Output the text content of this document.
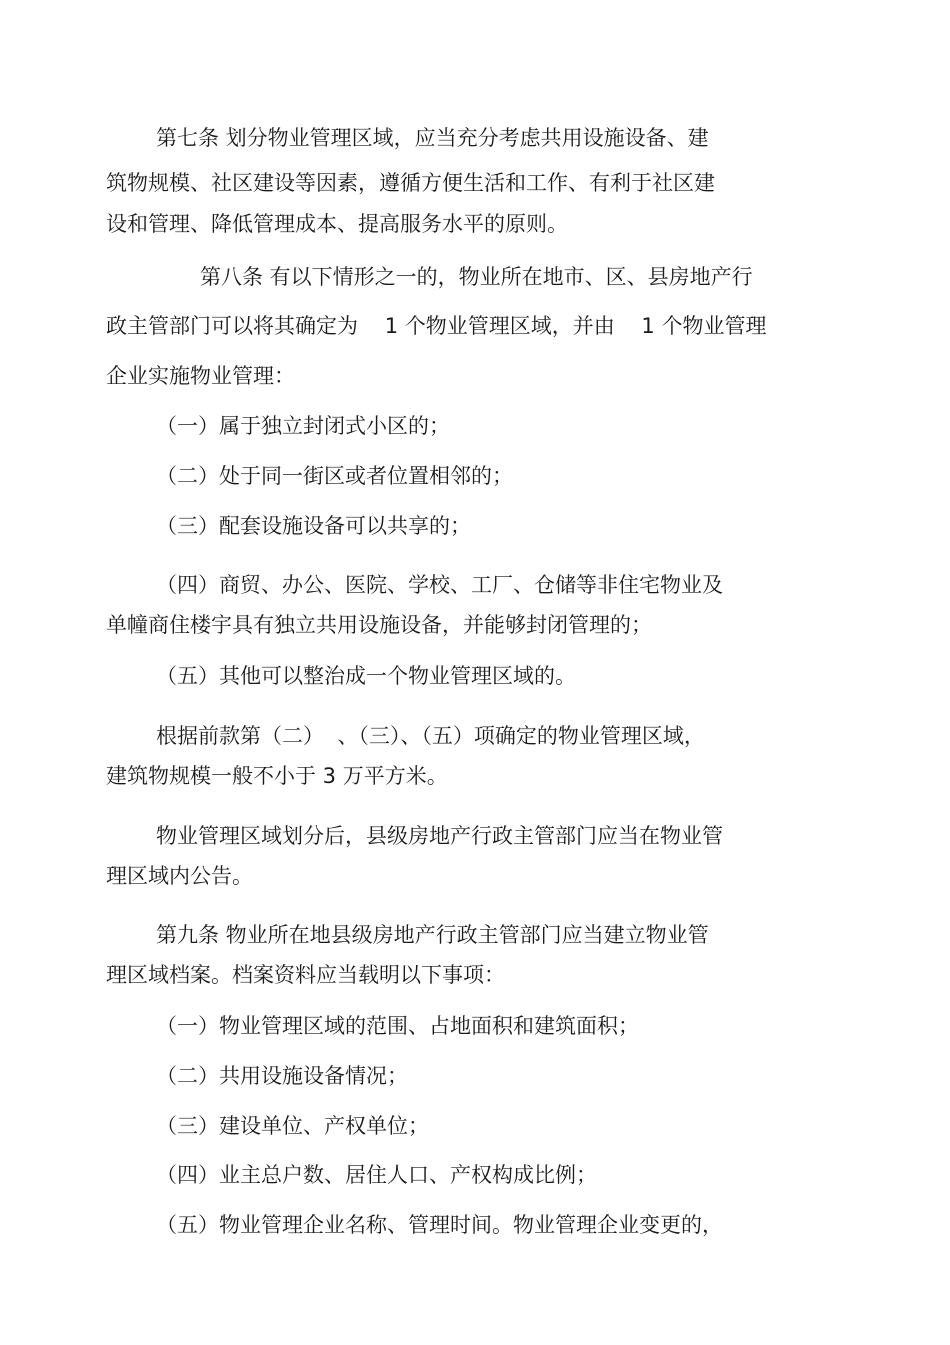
第七条 划分物业管理区域，应当充分考虑共用设施设备、建

筑物规模、社区建设等因素，遵循方便生活和工作、有利于社区建

设和管理、降低管理成本、提高服务水平的原则。

第八条 有以下情形之一的，物业所在地市、区、县房地产行

政主管部门可以将其确定为    1 个物业管理区域，并由    1 个物业管理

企业实施物业管理：

（一）属于独立封闭式小区的；

（二）处于同一街区或者位置相邻的；

（三）配套设施设备可以共享的；

（四）商贸、办公、医院、学校、工厂、仓储等非住宅物业及

单幢商住楼宇具有独立共用设施设备，并能够封闭管理的；

（五）其他可以整治成一个物业管理区域的。

根据前款第（二）  、（三）、（五）项确定的物业管理区域，

建筑物规模一般不小于 3 万平方米。

物业管理区域划分后，县级房地产行政主管部门应当在物业管

理区域内公告。

第九条 物业所在地县级房地产行政主管部门应当建立物业管

理区域档案。档案资料应当载明以下事项：

（一）物业管理区域的范围、占地面积和建筑面积；

（二）共用设施设备情况；

（三）建设单位、产权单位；

（四）业主总户数、居住人口、产权构成比例；

（五）物业管理企业名称、管理时间。物业管理企业变更的，
